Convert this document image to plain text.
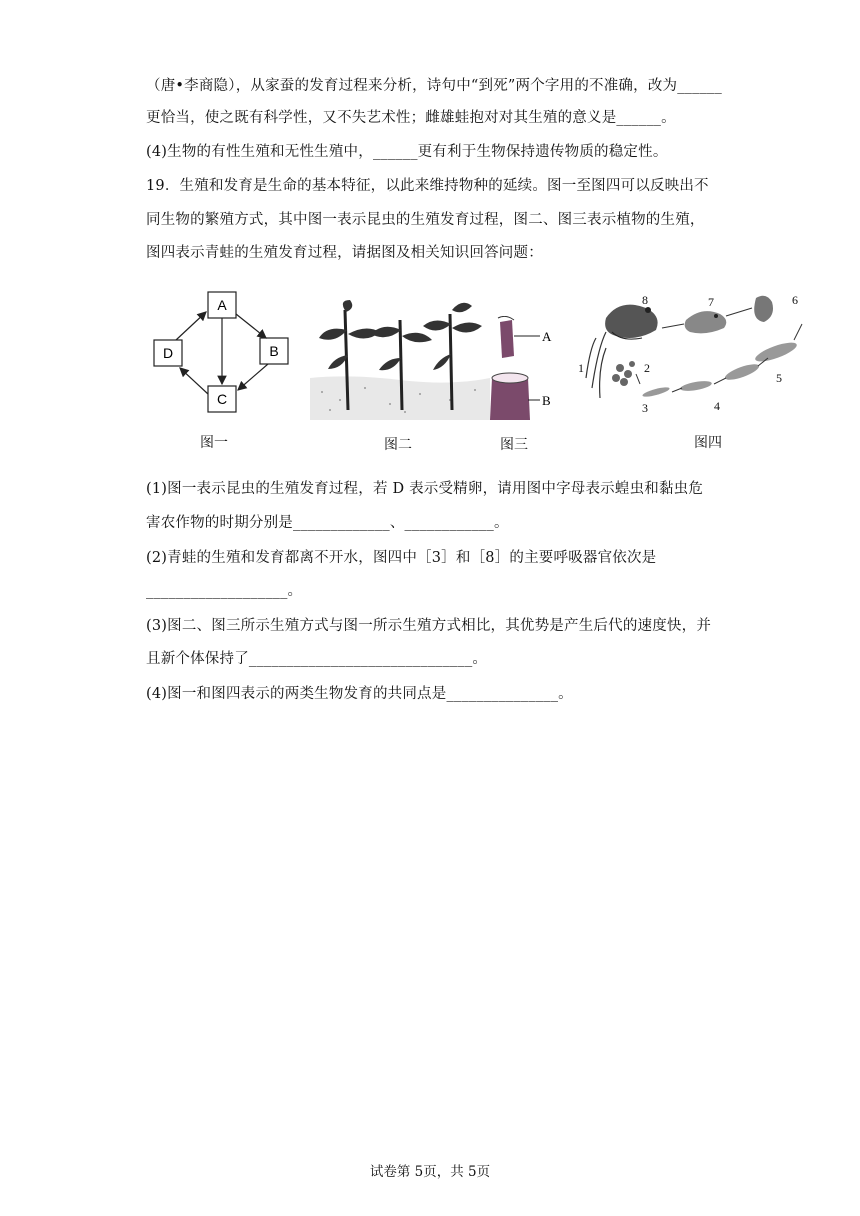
（唐•李商隐），从家蚕的发育过程来分析，诗句中“到死”两个字用的不准确，改为______
更恰当，使之既有科学性，又不失艺术性；雌雄蛙抱对对其生殖的意义是______。
(4)生物的有性生殖和无性生殖中，______更有利于生物保持遗传物质的稳定性。
19．生殖和发育是生命的基本特征，以此来维持物种的延续。图一至图四可以反映出不
同生物的繁殖方式，其中图一表示昆虫的生殖发育过程，图二、图三表示植物的生殖，
图四表示青蛙的生殖发育过程，请据图及相关知识回答问题：
A
B
C
D
图一	图二
A
B
图三
1	2
3	4
5
6
7
8
图四
(1)图一表示昆虫的生殖发育过程，若 D 表示受精卵，请用图中字母表示蝗虫和黏虫危
害农作物的时期分别是_____________、____________。
(2)青蛙的生殖和发育都离不开水，图四中［3］和［8］的主要呼吸器官依次是
___________________。
(3)图二、图三所示生殖方式与图一所示生殖方式相比，其优势是产生后代的速度快，并
且新个体保持了______________________________。
(4)图一和图四表示的两类生物发育的共同点是_______________。
试卷第 5页，共 5页
